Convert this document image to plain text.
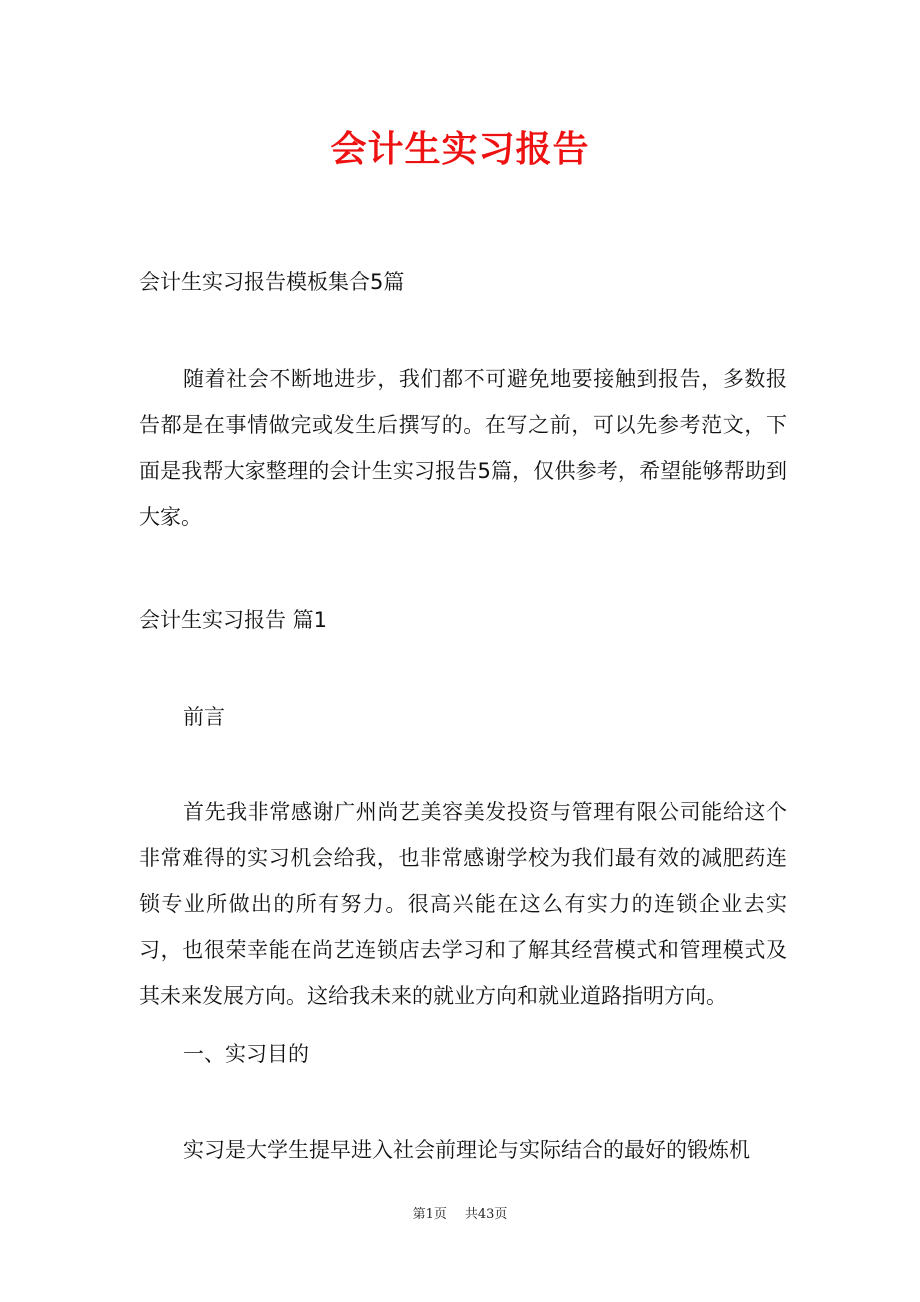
会计生实习报告

会计生实习报告模板集合5篇

随着社会不断地进步，我们都不可避免地要接触到报告，多数报告都是在事情做完或发生后撰写的。在写之前，可以先参考范文，下面是我帮大家整理的会计生实习报告5篇，仅供参考，希望能够帮助到大家。

会计生实习报告 篇1

前言

首先我非常感谢广州尚艺美容美发投资与管理有限公司能给这个非常难得的实习机会给我，也非常感谢学校为我们最有效的减肥药连锁专业所做出的所有努力。很高兴能在这么有实力的连锁企业去实习，也很荣幸能在尚艺连锁店去学习和了解其经营模式和管理模式及其未来发展方向。这给我未来的就业方向和就业道路指明方向。

一、实习目的

实习是大学生提早进入社会前理论与实际结合的最好的锻炼机

第1页 共43页
